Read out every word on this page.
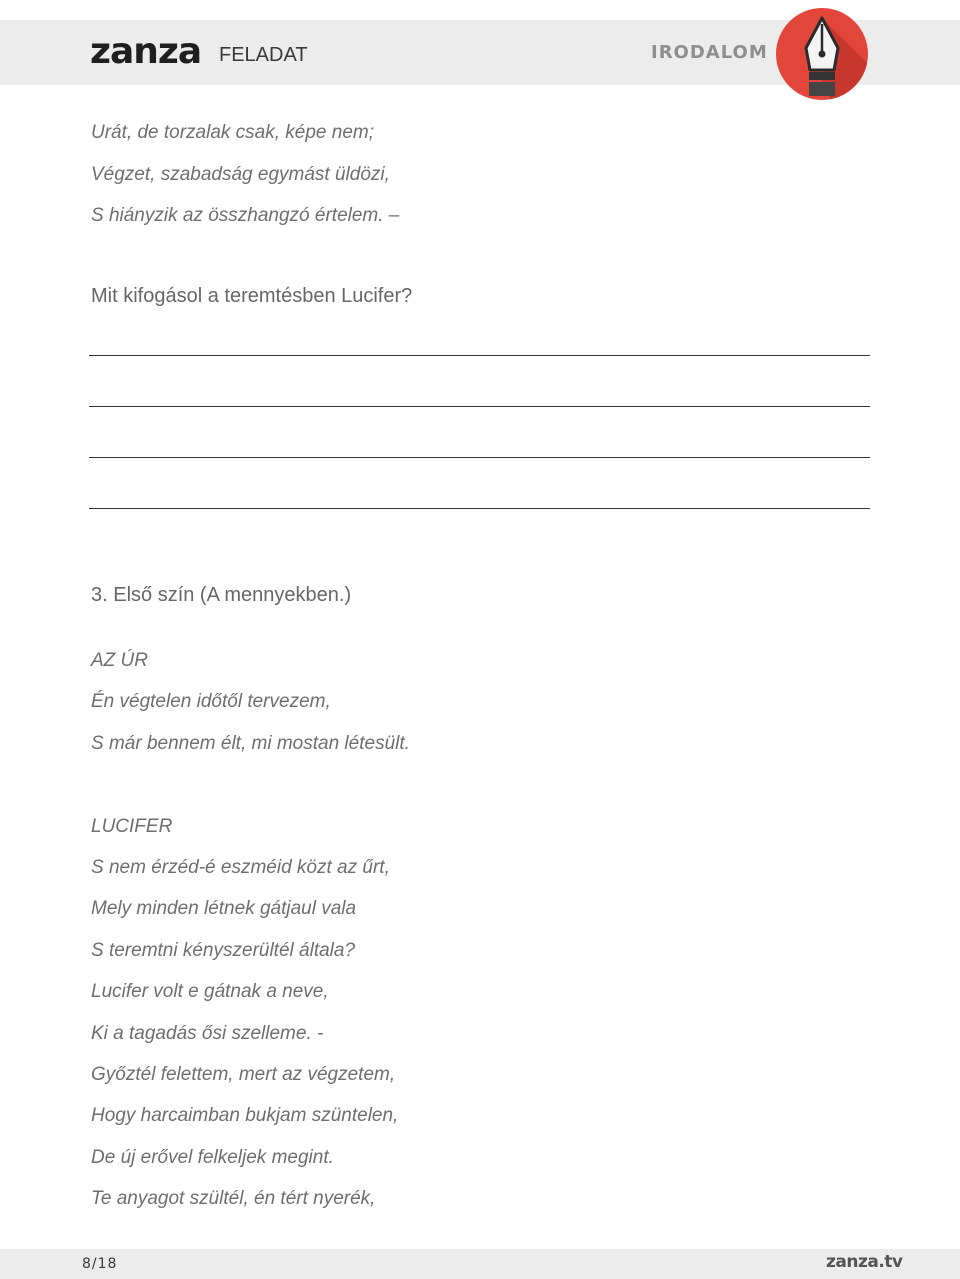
zanza FELADAT	IRODALOM

Urát, de torzalak csak, képe nem;

Végzet, szabadság egymást üldözi,

S hiányzik az összhangzó értelem. –

Mit kifogásol a teremtésben Lucifer?

3. Első szín (A mennyekben.)

AZ ÚR

Én végtelen időtől tervezem,

S már bennem élt, mi mostan létesült.

LUCIFER

S nem érzéd-é eszméid közt az űrt,

Mely minden létnek gátjaul vala

S teremtni kényszerültél általa?

Lucifer volt e gátnak a neve,

Ki a tagadás ősi szelleme. -

Győztél felettem, mert az végzetem,

Hogy harcaimban bukjam szüntelen,

De új erővel felkeljek megint.

Te anyagot szültél, én tért nyerék,

8/18	zanza.tv
